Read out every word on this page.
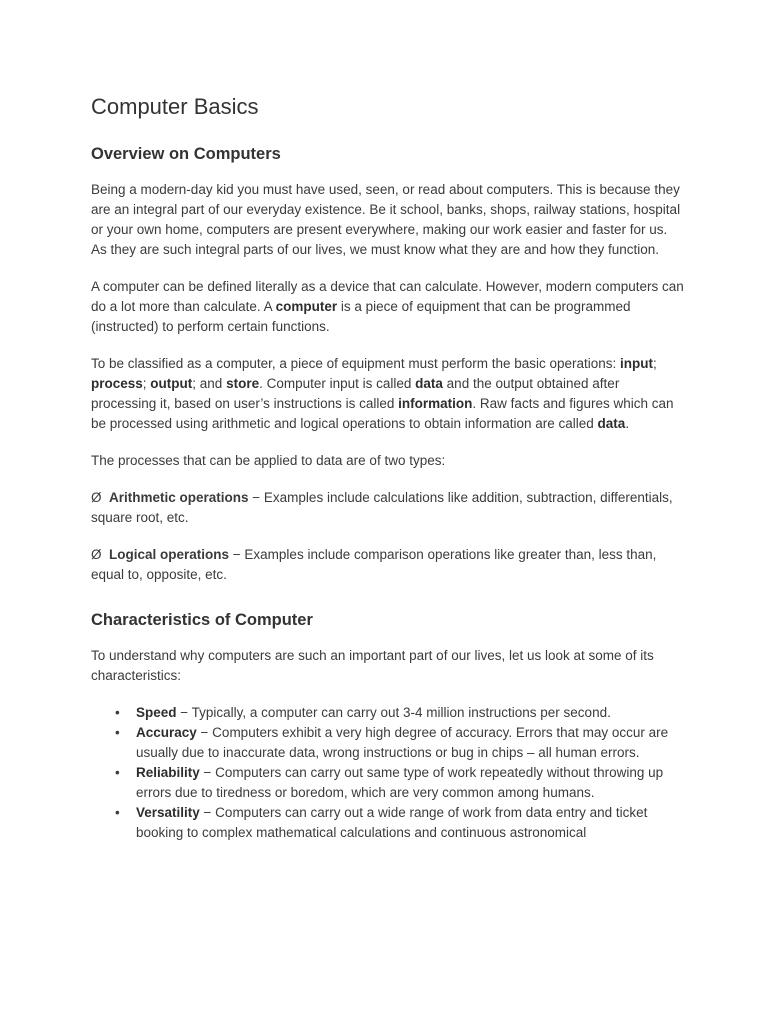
Computer Basics
Overview on Computers

Being a modern-day kid you must have used, seen, or read about computers. This is because they are an integral part of our everyday existence. Be it school, banks, shops, railway stations, hospital or your own home, computers are present everywhere, making our work easier and faster for us. As they are such integral parts of our lives, we must know what they are and how they function.

A computer can be defined literally as a device that can calculate. However, modern computers can do a lot more than calculate. A computer is a piece of equipment that can be programmed (instructed) to perform certain functions.

To be classified as a computer, a piece of equipment must perform the basic operations: input; process; output; and store. Computer input is called data and the output obtained after processing it, based on user’s instructions is called information. Raw facts and figures which can be processed using arithmetic and logical operations to obtain information are called data.

The processes that can be applied to data are of two types:

Ø Arithmetic operations − Examples include calculations like addition, subtraction, differentials, square root, etc.

Ø Logical operations − Examples include comparison operations like greater than, less than, equal to, opposite, etc.

Characteristics of Computer

To understand why computers are such an important part of our lives, let us look at some of its characteristics:

• Speed − Typically, a computer can carry out 3-4 million instructions per second.
• Accuracy − Computers exhibit a very high degree of accuracy. Errors that may occur are usually due to inaccurate data, wrong instructions or bug in chips – all human errors.
• Reliability − Computers can carry out same type of work repeatedly without throwing up errors due to tiredness or boredom, which are very common among humans.
• Versatility − Computers can carry out a wide range of work from data entry and ticket booking to complex mathematical calculations and continuous astronomical
